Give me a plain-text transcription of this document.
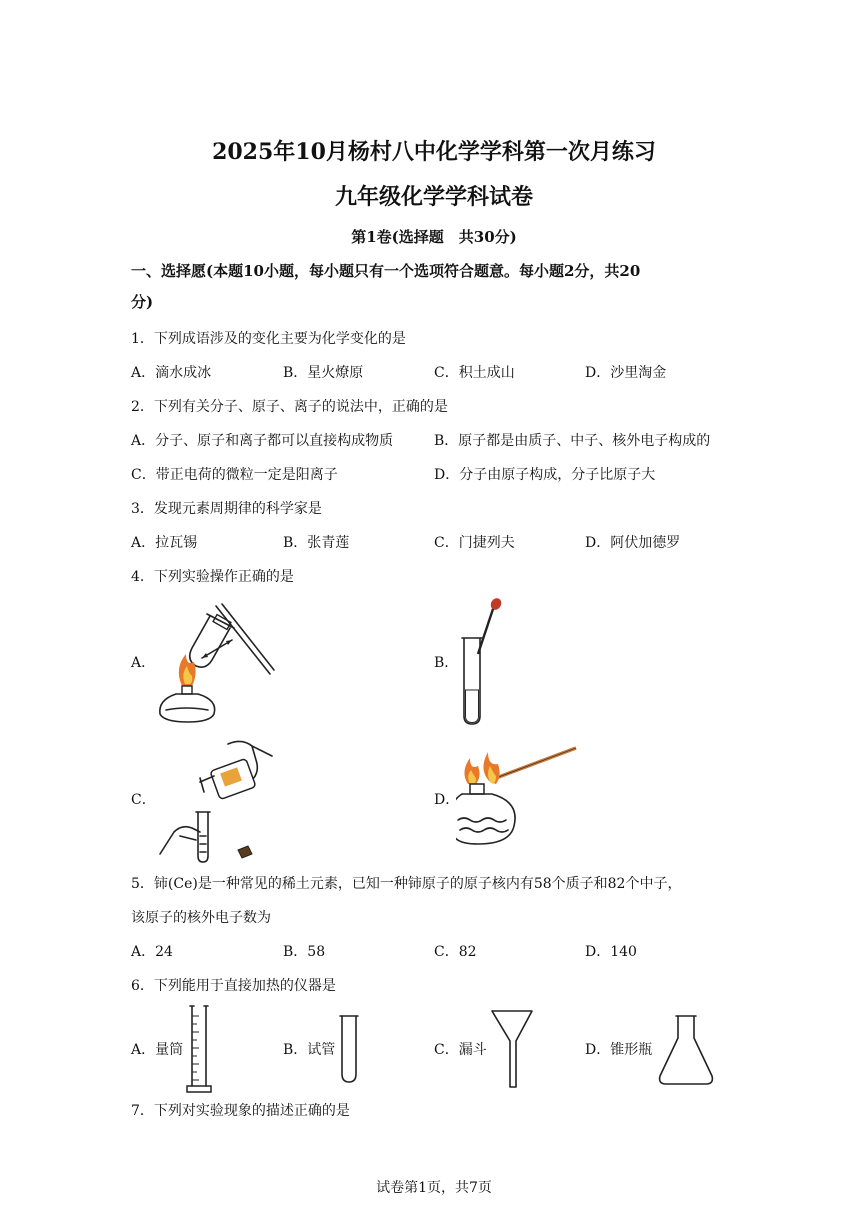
2025年10月杨村八中化学学科第一次月练习
九年级化学学科试卷
第1卷(选择题　共30分)
一、选择愿(本题10小题，每小题只有一个选项符合题意。每小题2分，共20
分)
1．下列成语涉及的变化主要为化学变化的是
A．滴水成冰	B．星火燎原	C．积土成山	D．沙里淘金
2．下列有关分子、原子、离子的说法中，正确的是
A．分子、原子和离子都可以直接构成物质	B．原子都是由质子、中子、核外电子构成的
C．带正电荷的微粒一定是阳离子	D．分子由原子构成，分子比原子大
3．发现元素周期律的科学家是
A．拉瓦锡	B．张青莲	C．门捷列夫	D．阿伏加德罗
4．下列实验操作正确的是
A．	B．
C．	D．
5．铈(Ce)是一种常见的稀土元素，已知一种铈原子的原子核内有58个质子和82个中子，
该原子的核外电子数为
A．24	B．58	C．82	D．140
6．下列能用于直接加热的仪器是
A．量筒	B．试管	C．漏斗	D．锥形瓶
7．下列对实验现象的描述正确的是
试卷第1页，共7页
